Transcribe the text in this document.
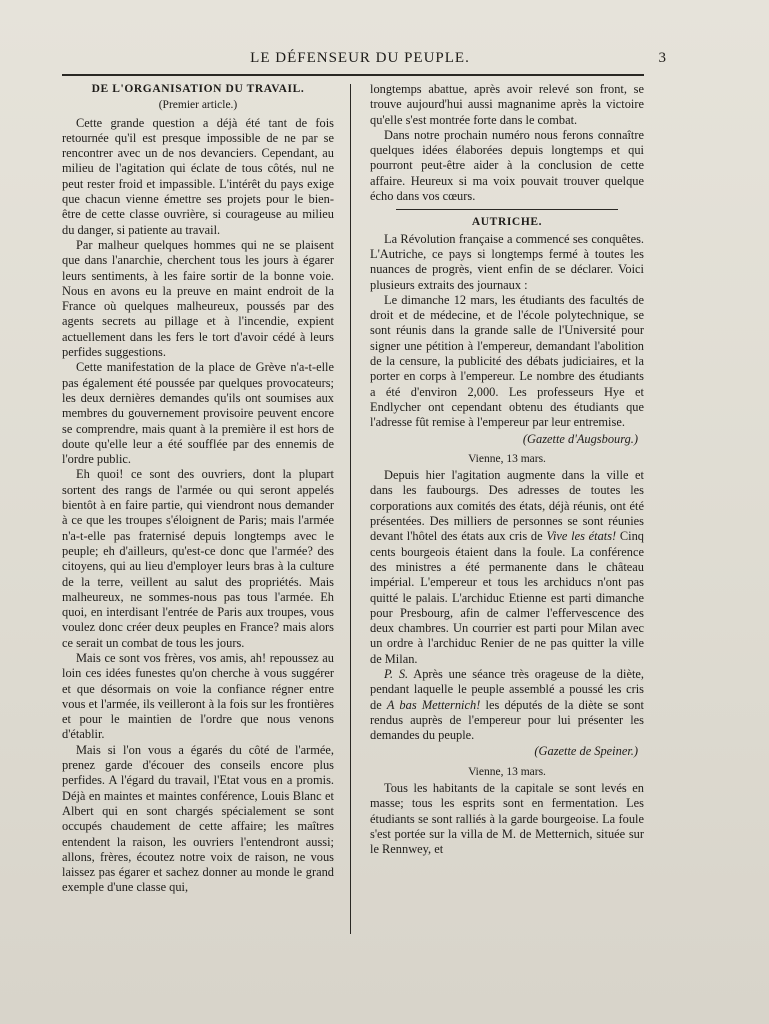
LE DÉFENSEUR DU PEUPLE.	3
DE L'ORGANISATION DU TRAVAIL.
(Premier article.)

Cette grande question a déjà été tant de fois retournée qu'il est presque impossible de ne par se rencontrer avec un de nos devanciers. Cependant, au milieu de l'agitation qui éclate de tous côtés, nul ne peut rester froid et impassible. L'intérêt du pays exige que chacun vienne émettre ses projets pour le bien-être de cette classe ouvrière, si courageuse au milieu du danger, si patiente au travail.

Par malheur quelques hommes qui ne se plaisent que dans l'anarchie, cherchent tous les jours à égarer leurs sentiments, à les faire sortir de la bonne voie. Nous en avons eu la preuve en maint endroit de la France où quelques malheureux, poussés par des agents secrets au pillage et à l'incendie, expient actuellement dans les fers le tort d'avoir cédé à leurs perfides suggestions.

Cette manifestation de la place de Grève n'a-t-elle pas également été poussée par quelques provocateurs; les deux dernières demandes qu'ils ont soumises aux membres du gouvernement provisoire peuvent encore se comprendre, mais quant à la première il est hors de doute qu'elle leur a été soufflée par des ennemis de l'ordre public.

Eh quoi! ce sont des ouvriers, dont la plupart sortent des rangs de l'armée ou qui seront appelés bientôt à en faire partie, qui viendront nous demander à ce que les troupes s'éloignent de Paris; mais l'armée n'a-t-elle pas fraternisé depuis longtemps avec le peuple; eh d'ailleurs, qu'est-ce donc que l'armée? des citoyens, qui au lieu d'employer leurs bras à la culture de la terre, veillent au salut des propriétés. Mais malheureux, ne sommes-nous pas tous l'armée. Eh quoi, en interdisant l'entrée de Paris aux troupes, vous voulez donc créer deux peuples en France? mais alors ce serait un combat de tous les jours.

Mais ce sont vos frères, vos amis, ah! repoussez au loin ces idées funestes qu'on cherche à vous suggérer et que désormais on voie la confiance régner entre vous et l'armée, ils veilleront à la fois sur les frontières et pour le maintien de l'ordre que nous venons d'établir.

Mais si l'on vous a égarés du côté de l'armée, prenez garde d'écouer des conseils encore plus perfides. A l'égard du travail, l'Etat vous en a promis. Déjà en maintes et maintes conférence, Louis Blanc et Albert qui en sont chargés spécialement se sont occupés chaudement de cette affaire; les maîtres entendent la raison, les ouvriers l'entendront aussi; allons, frères, écoutez notre voix de raison, ne vous laissez pas égarer et sachez donner au monde le grand exemple d'une classe qui,

longtemps abattue, après avoir relevé son front, se trouve aujourd'hui aussi magnanime après la victoire qu'elle s'est montrée forte dans le combat.

Dans notre prochain numéro nous ferons connaître quelques idées élaborées depuis longtemps et qui pourront peut-être aider à la conclusion de cette affaire. Heureux si ma voix pouvait trouver quelque écho dans vos cœurs.

AUTRICHE.

La Révolution française a commencé ses conquêtes. L'Autriche, ce pays si longtemps fermé à toutes les nuances de progrès, vient enfin de se déclarer. Voici plusieurs extraits des journaux :

Le dimanche 12 mars, les étudiants des facultés de droit et de médecine, et de l'école polytechnique, se sont réunis dans la grande salle de l'Université pour signer une pétition à l'empereur, demandant l'abolition de la censure, la publicité des débats judiciaires, et la porter en corps à l'empereur. Le nombre des étudiants a été d'environ 2,000. Les professeurs Hye et Endlycher ont cependant obtenu des étudiants que l'adresse fût remise à l'empereur par leur entremise.

(Gazette d'Augsbourg.)
Vienne, 13 mars.

Depuis hier l'agitation augmente dans la ville et dans les faubourgs. Des adresses de toutes les corporations aux comités des états, déjà réunis, ont été présentées. Des milliers de personnes se sont réunies devant l'hôtel des états aux cris de Vive les états! Cinq cents bourgeois étaient dans la foule. La conférence des ministres a été permanente dans le château impérial. L'empereur et tous les archiducs n'ont pas quitté le palais. L'archiduc Etienne est parti dimanche pour Presbourg, afin de calmer l'effervescence des deux chambres. Un courrier est parti pour Milan avec un ordre à l'archiduc Renier de ne pas quitter la ville de Milan.

P. S. Après une séance très orageuse de la diète, pendant laquelle le peuple assemblé a poussé les cris de A bas Metternich! les députés de la diète se sont rendus auprès de l'empereur pour lui présenter les demandes du peuple.

(Gazette de Speiner.)
Vienne, 13 mars.

Tous les habitants de la capitale se sont levés en masse; tous les esprits sont en fermentation. Les étudiants se sont ralliés à la garde bourgeoise. La foule s'est portée sur la villa de M. de Metternich, située sur le Rennwey, et
